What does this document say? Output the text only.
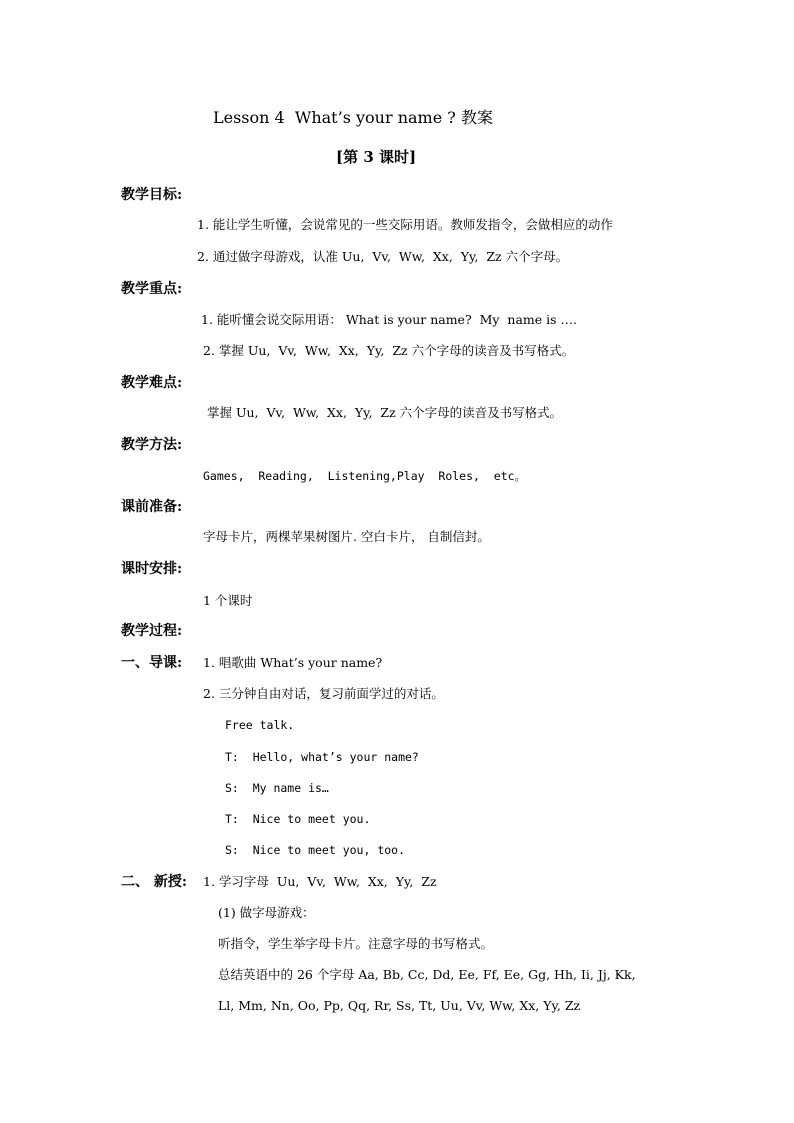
Lesson 4  What’s your name ? 教案
[第 3 课时]
教学目标:
1. 能让学生听懂，会说常见的一些交际用语。教师发指令，会做相应的动作
2. 通过做字母游戏，认准 Uu,  Vv,  Ww,  Xx,  Yy,  Zz 六个字母。
教学重点:
1. 能听懂会说交际用语： What is your name?  My  name is ….
2. 掌握 Uu,  Vv,  Ww,  Xx,  Yy,  Zz 六个字母的读音及书写格式。
教学难点:
掌握 Uu,  Vv,  Ww,  Xx,  Yy,  Zz 六个字母的读音及书写格式。
教学方法:
Games,  Reading,  Listening,Play  Roles,  etc。
课前准备:
字母卡片，两棵苹果树图片. 空白卡片， 自制信封。
课时安排:
1 个课时
教学过程:
一、导课: 1. 唱歌曲 What’s your name?
2. 三分钟自由对话，复习前面学过的对话。
Free talk.
T:  Hello, what’s your name?
S:  My name is…
T:  Nice to meet you.
S:  Nice to meet you, too.
二、 新授: 1. 学习字母  Uu,  Vv,  Ww,  Xx,  Yy,  Zz
(1) 做字母游戏：
听指令，学生举字母卡片。注意字母的书写格式。
总结英语中的 26 个字母 Aa, Bb, Cc, Dd, Ee, Ff, Ee, Gg, Hh, Ii, Jj, Kk,
Ll, Mm, Nn, Oo, Pp, Qq, Rr, Ss, Tt, Uu, Vv, Ww, Xx, Yy, Zz
